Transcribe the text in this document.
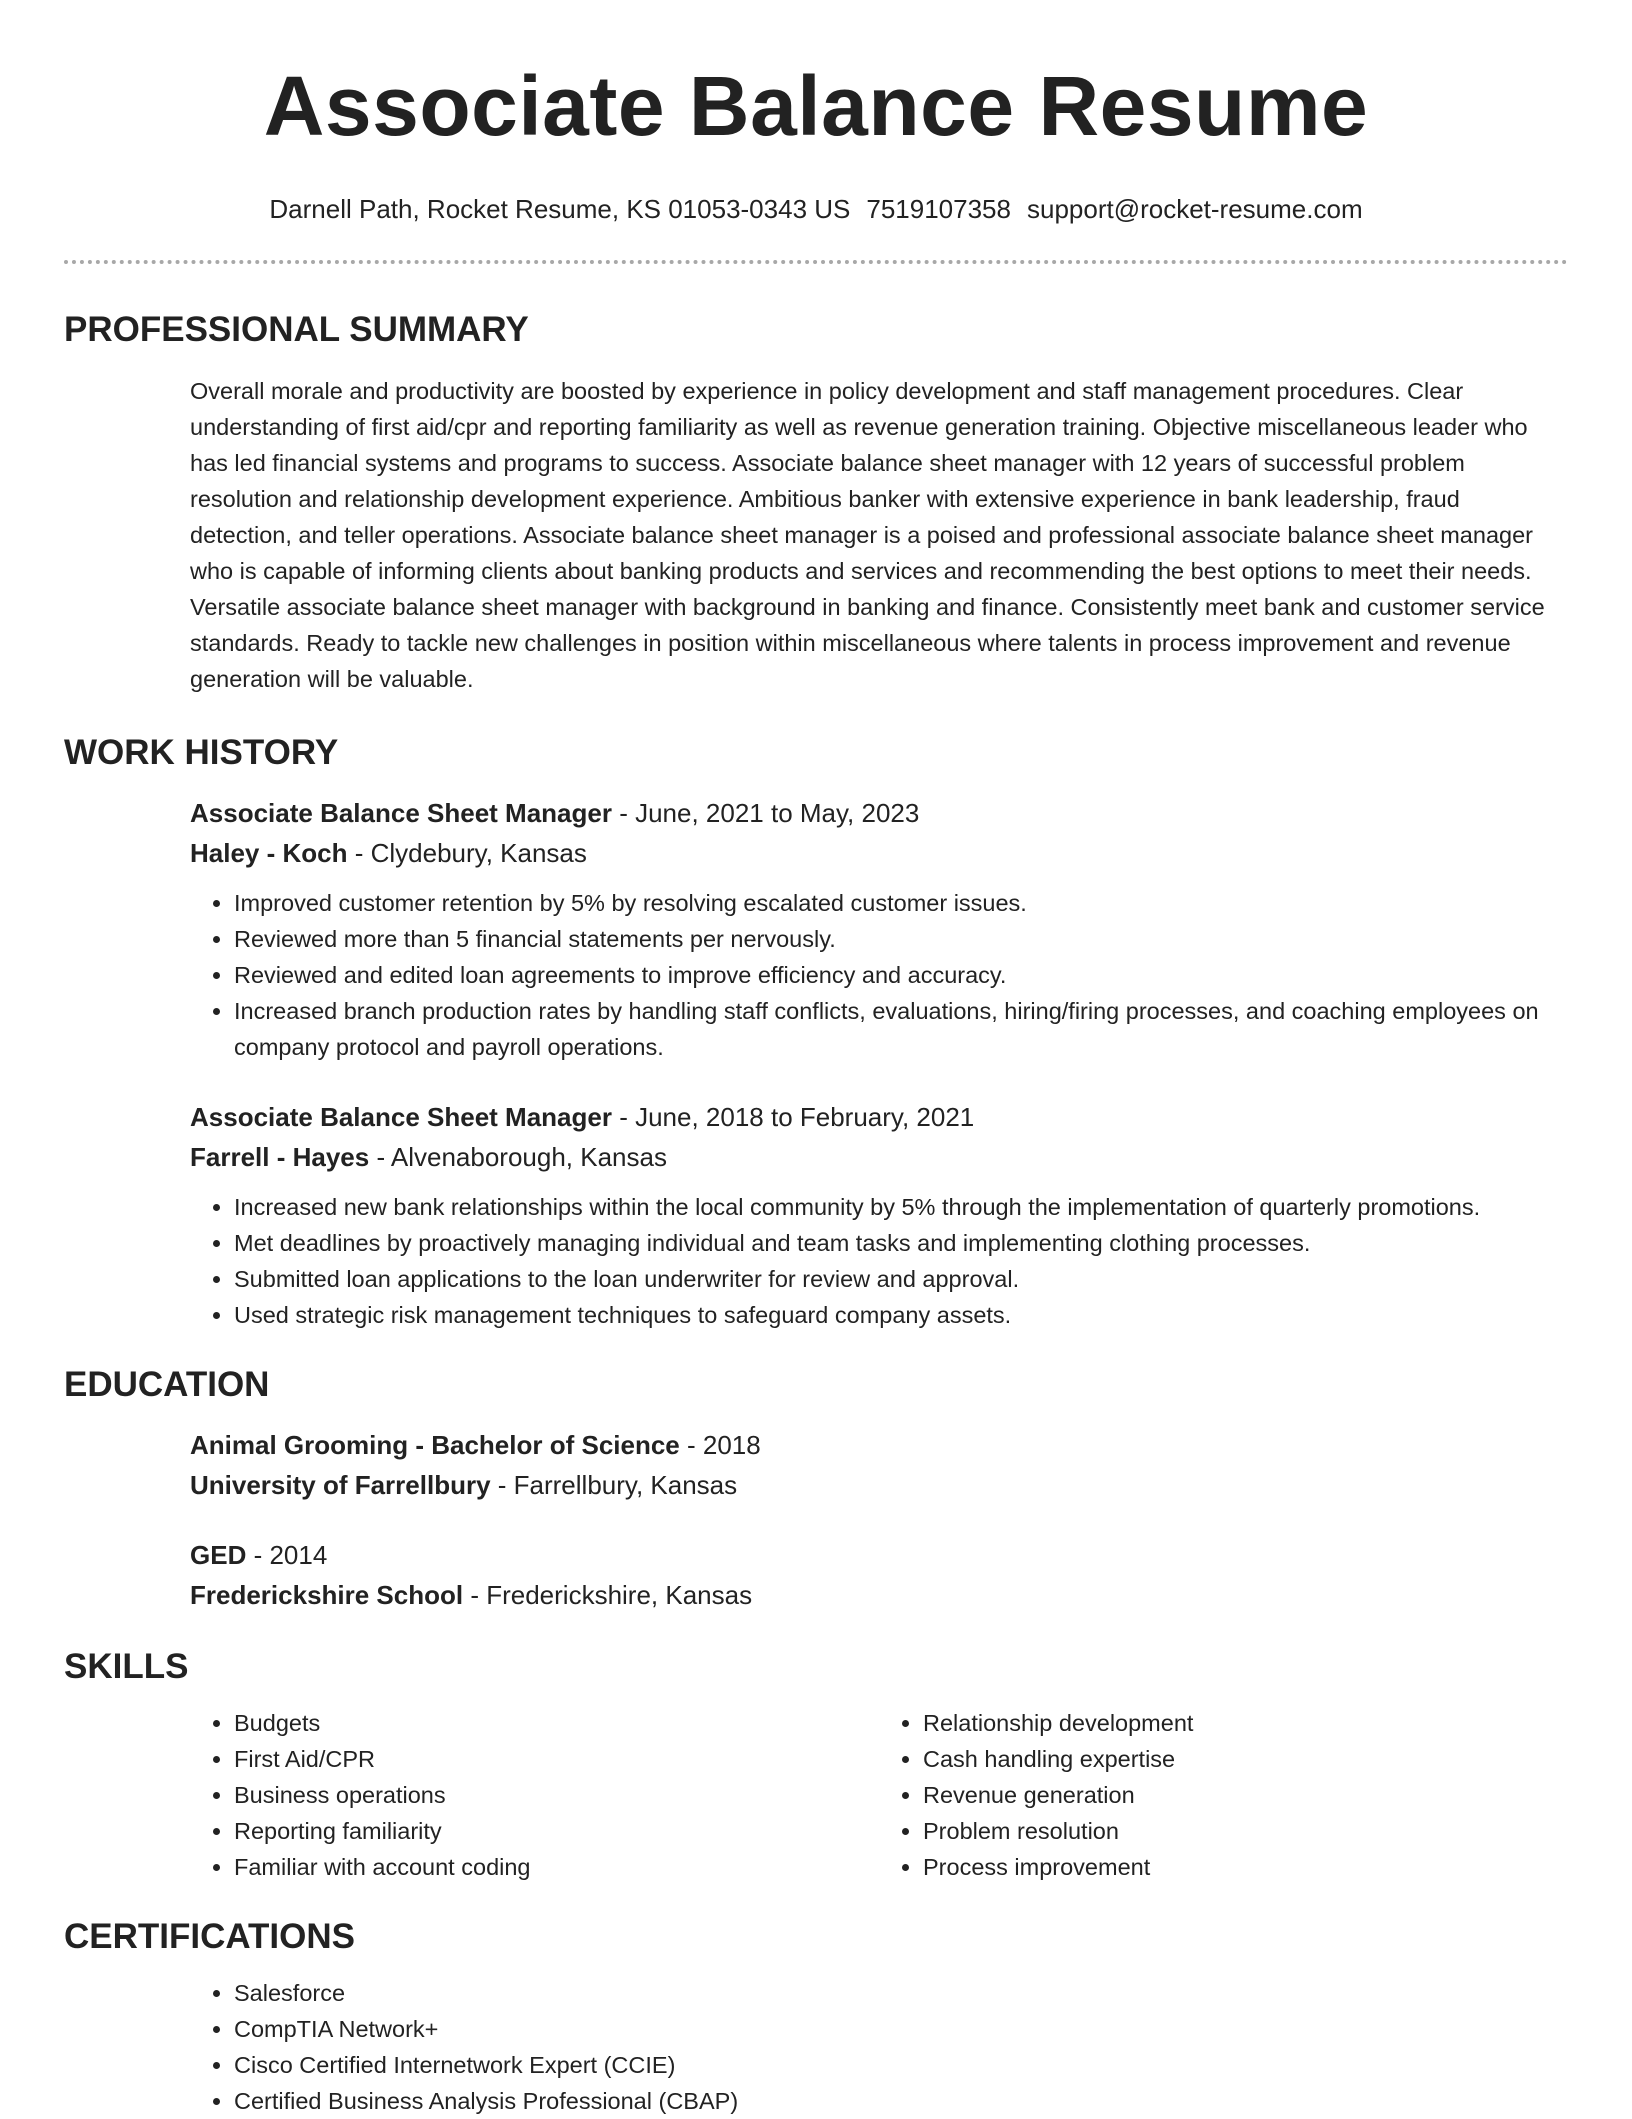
Associate Balance Resume
Darnell Path, Rocket Resume, KS 01053-0343 US 7519107358 support@rocket-resume.com
PROFESSIONAL SUMMARY

Overall morale and productivity are boosted by experience in policy development and staff management procedures. Clear understanding of first aid/cpr and reporting familiarity as well as revenue generation training. Objective miscellaneous leader who has led financial systems and programs to success. Associate balance sheet manager with 12 years of successful problem resolution and relationship development experience. Ambitious banker with extensive experience in bank leadership, fraud detection, and teller operations. Associate balance sheet manager is a poised and professional associate balance sheet manager who is capable of informing clients about banking products and services and recommending the best options to meet their needs. Versatile associate balance sheet manager with background in banking and finance. Consistently meet bank and customer service standards. Ready to tackle new challenges in position within miscellaneous where talents in process improvement and revenue generation will be valuable.

WORK HISTORY
Associate Balance Sheet Manager - June, 2021 to May, 2023
Haley - Koch - Clydebury, Kansas
• Improved customer retention by 5% by resolving escalated customer issues.
• Reviewed more than 5 financial statements per nervously.
• Reviewed and edited loan agreements to improve efficiency and accuracy.
• Increased branch production rates by handling staff conflicts, evaluations, hiring/firing processes, and coaching employees on company protocol and payroll operations.
Associate Balance Sheet Manager - June, 2018 to February, 2021
Farrell - Hayes - Alvenaborough, Kansas
• Increased new bank relationships within the local community by 5% through the implementation of quarterly promotions.
• Met deadlines by proactively managing individual and team tasks and implementing clothing processes.
• Submitted loan applications to the loan underwriter for review and approval.
• Used strategic risk management techniques to safeguard company assets.
EDUCATION
Animal Grooming - Bachelor of Science - 2018
University of Farrellbury - Farrellbury, Kansas
GED - 2014
Frederickshire School - Frederickshire, Kansas
SKILLS
• Budgets
• First Aid/CPR
• Business operations
• Reporting familiarity
• Familiar with account coding
• Relationship development
• Cash handling expertise
• Revenue generation
• Problem resolution
• Process improvement
CERTIFICATIONS
• Salesforce
• CompTIA Network+
• Cisco Certified Internetwork Expert (CCIE)
• Certified Business Analysis Professional (CBAP)
